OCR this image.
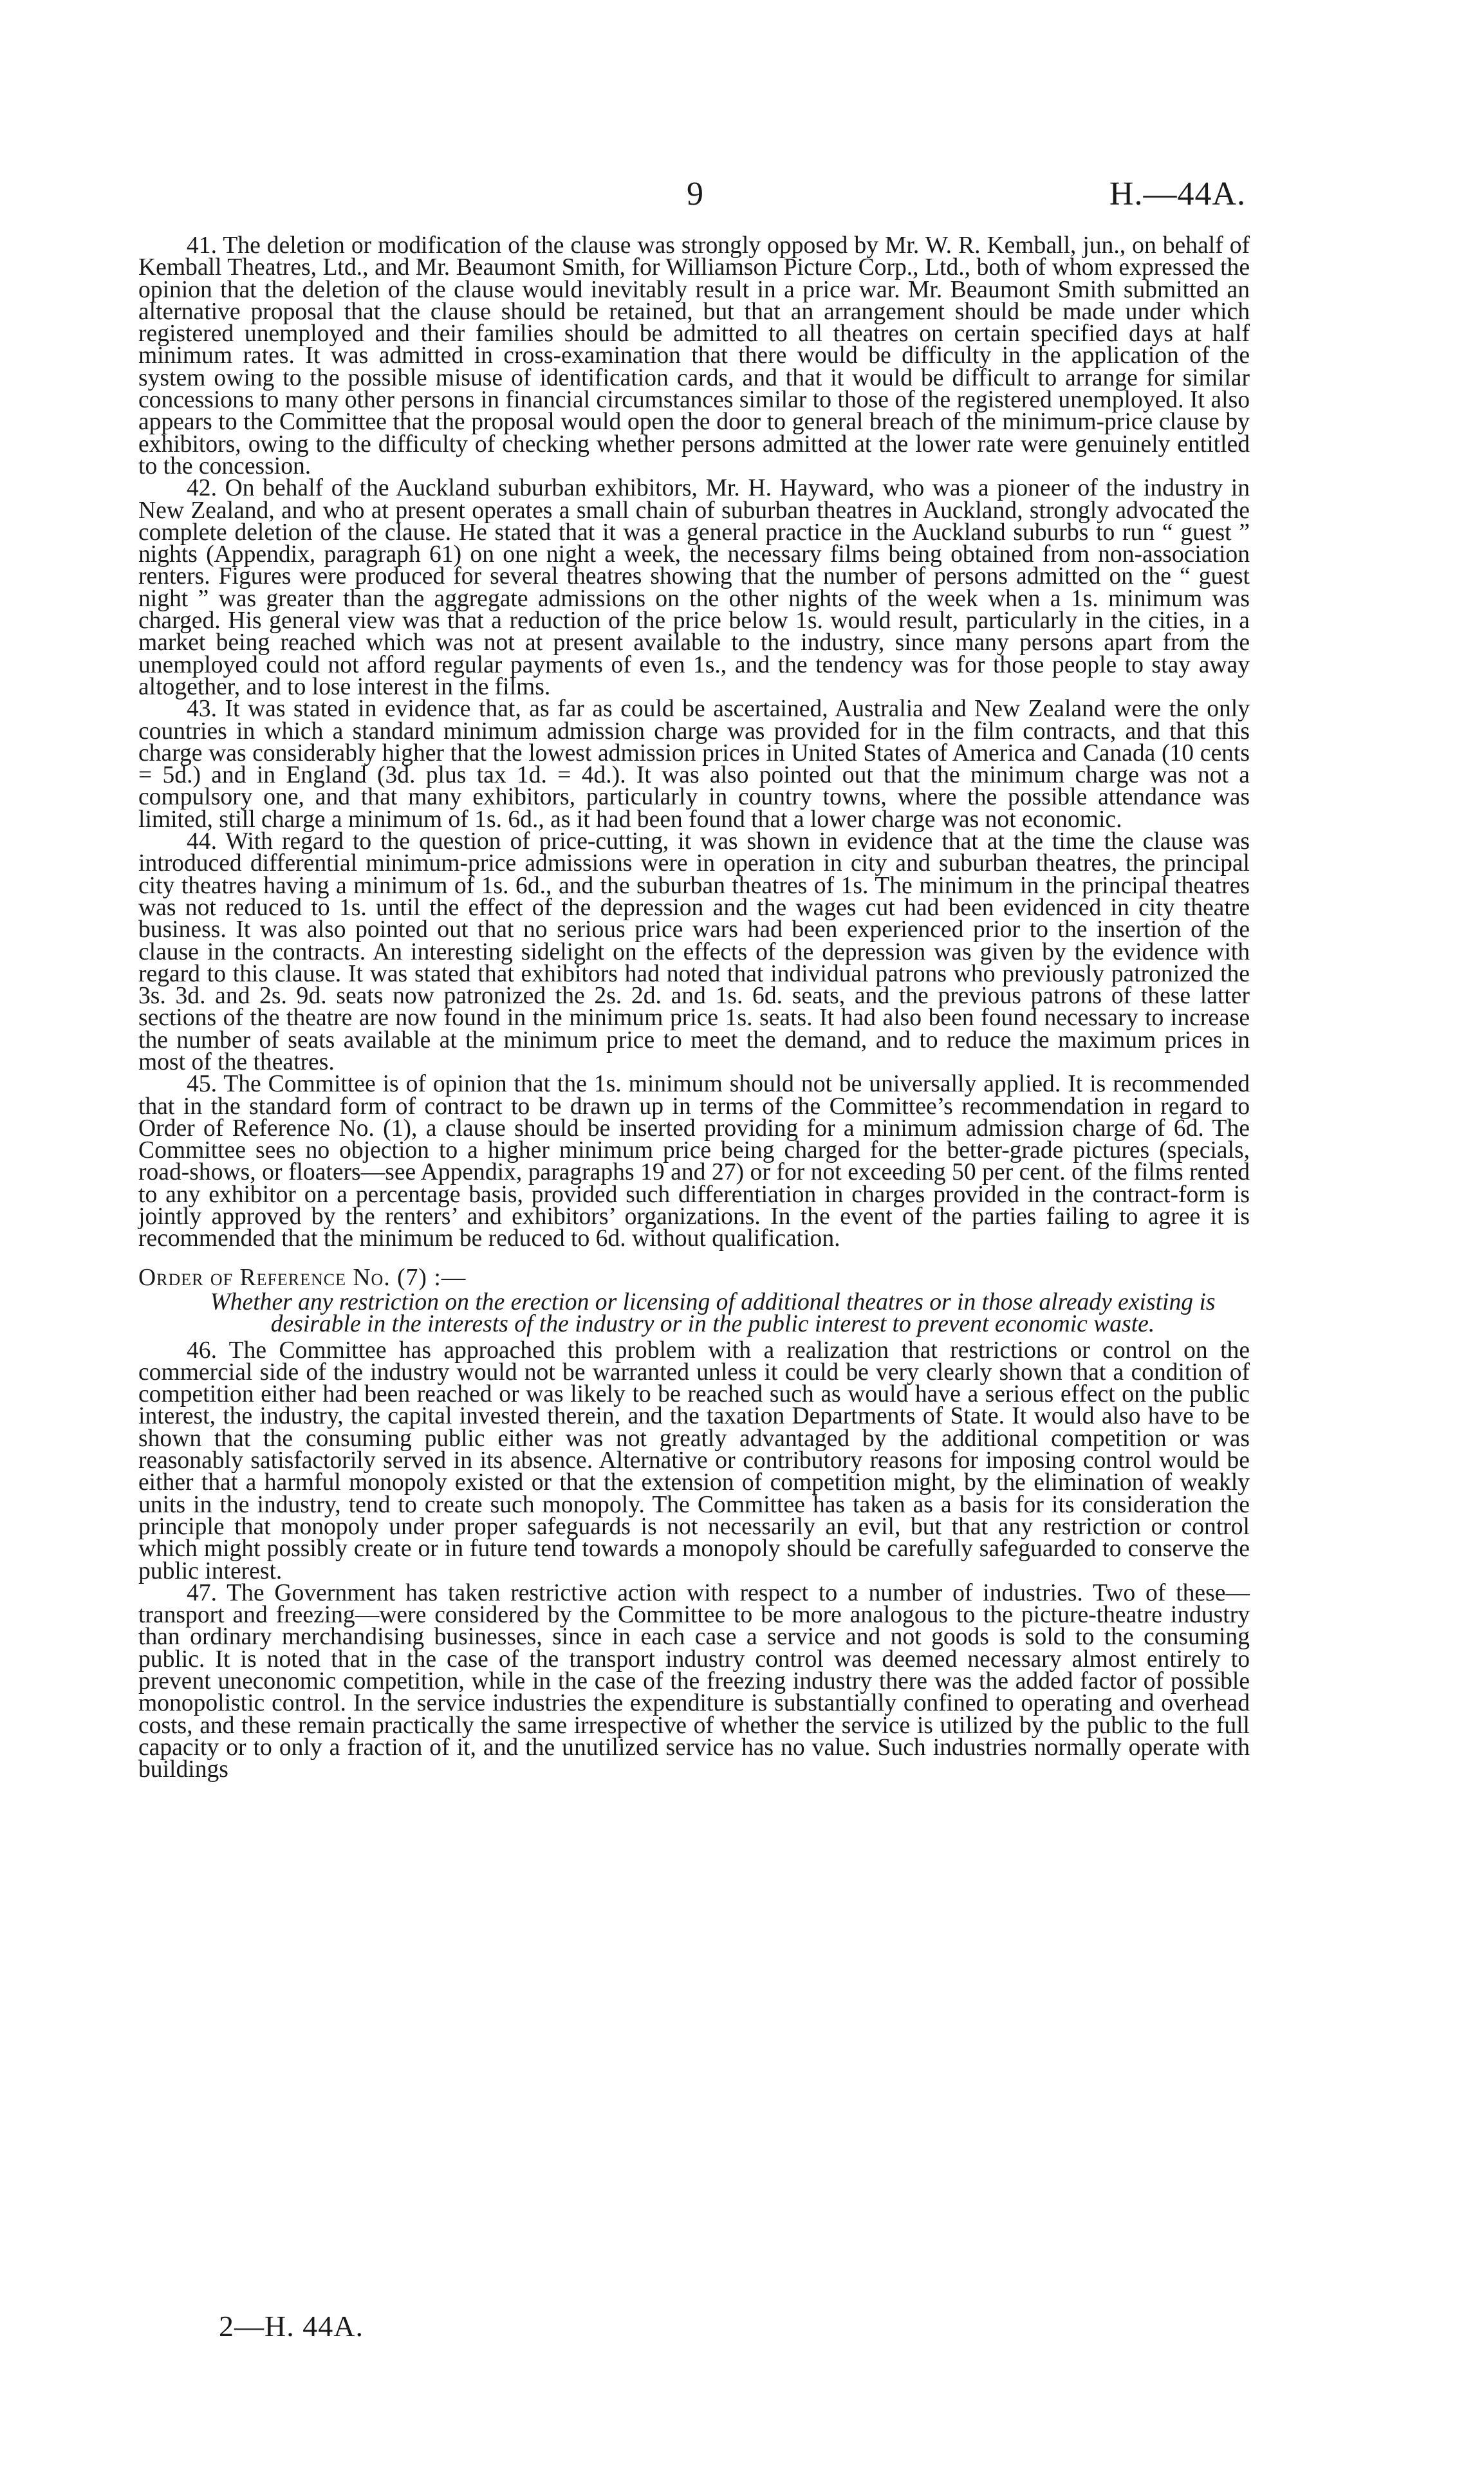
9	H.—44A.

41. The deletion or modification of the clause was strongly opposed by Mr. W. R. Kemball, jun., on behalf of Kemball Theatres, Ltd., and Mr. Beaumont Smith, for Williamson Picture Corp., Ltd., both of whom expressed the opinion that the deletion of the clause would inevitably result in a price war. Mr. Beaumont Smith submitted an alternative proposal that the clause should be retained, but that an arrangement should be made under which registered unemployed and their families should be admitted to all theatres on certain specified days at half minimum rates. It was admitted in cross-examination that there would be difficulty in the application of the system owing to the possible misuse of identification cards, and that it would be difficult to arrange for similar concessions to many other persons in financial circumstances similar to those of the registered unemployed. It also appears to the Committee that the proposal would open the door to general breach of the minimum-price clause by exhibitors, owing to the difficulty of checking whether persons admitted at the lower rate were genuinely entitled to the concession.

42. On behalf of the Auckland suburban exhibitors, Mr. H. Hayward, who was a pioneer of the industry in New Zealand, and who at present operates a small chain of suburban theatres in Auckland, strongly advocated the complete deletion of the clause. He stated that it was a general practice in the Auckland suburbs to run “ guest ” nights (Appendix, paragraph 61) on one night a week, the necessary films being obtained from non-association renters. Figures were produced for several theatres showing that the number of persons admitted on the “ guest night ” was greater than the aggregate admissions on the other nights of the week when a 1s. minimum was charged. His general view was that a reduction of the price below 1s. would result, particularly in the cities, in a market being reached which was not at present available to the industry, since many persons apart from the unemployed could not afford regular payments of even 1s., and the tendency was for those people to stay away altogether, and to lose interest in the films.

43. It was stated in evidence that, as far as could be ascertained, Australia and New Zealand were the only countries in which a standard minimum admission charge was provided for in the film contracts, and that this charge was considerably higher that the lowest admission prices in United States of America and Canada (10 cents = 5d.) and in England (3d. plus tax 1d. = 4d.). It was also pointed out that the minimum charge was not a compulsory one, and that many exhibitors, particularly in country towns, where the possible attendance was limited, still charge a minimum of 1s. 6d., as it had been found that a lower charge was not economic.

44. With regard to the question of price-cutting, it was shown in evidence that at the time the clause was introduced differential minimum-price admissions were in operation in city and suburban theatres, the principal city theatres having a minimum of 1s. 6d., and the suburban theatres of 1s. The minimum in the principal theatres was not reduced to 1s. until the effect of the depression and the wages cut had been evidenced in city theatre business. It was also pointed out that no serious price wars had been experienced prior to the insertion of the clause in the contracts. An interesting sidelight on the effects of the depression was given by the evidence with regard to this clause. It was stated that exhibitors had noted that individual patrons who previously patronized the 3s. 3d. and 2s. 9d. seats now patronized the 2s. 2d. and 1s. 6d. seats, and the previous patrons of these latter sections of the theatre are now found in the minimum price 1s. seats. It had also been found necessary to increase the number of seats available at the minimum price to meet the demand, and to reduce the maximum prices in most of the theatres.

45. The Committee is of opinion that the 1s. minimum should not be universally applied. It is recommended that in the standard form of contract to be drawn up in terms of the Committee’s recommendation in regard to Order of Reference No. (1), a clause should be inserted providing for a minimum admission charge of 6d. The Committee sees no objection to a higher minimum price being charged for the better-grade pictures (specials, road-shows, or floaters—see Appendix, paragraphs 19 and 27) or for not exceeding 50 per cent. of the films rented to any exhibitor on a percentage basis, provided such differentiation in charges provided in the contract-form is jointly approved by the renters’ and exhibitors’ organizations. In the event of the parties failing to agree it is recommended that the minimum be reduced to 6d. without qualification.

Order of Reference No. (7) :—

Whether any restriction on the erection or licensing of additional theatres or in those already existing is desirable in the interests of the industry or in the public interest to prevent economic waste.

46. The Committee has approached this problem with a realization that restrictions or control on the commercial side of the industry would not be warranted unless it could be very clearly shown that a condition of competition either had been reached or was likely to be reached such as would have a serious effect on the public interest, the industry, the capital invested therein, and the taxation Departments of State. It would also have to be shown that the consuming public either was not greatly advantaged by the additional competition or was reasonably satisfactorily served in its absence. Alternative or contributory reasons for imposing control would be either that a harmful monopoly existed or that the extension of competition might, by the elimination of weakly units in the industry, tend to create such monopoly. The Committee has taken as a basis for its consideration the principle that monopoly under proper safeguards is not necessarily an evil, but that any restriction or control which might possibly create or in future tend towards a monopoly should be carefully safeguarded to conserve the public interest.

47. The Government has taken restrictive action with respect to a number of industries. Two of these—transport and freezing—were considered by the Committee to be more analogous to the picture-theatre industry than ordinary merchandising businesses, since in each case a service and not goods is sold to the consuming public. It is noted that in the case of the transport industry control was deemed necessary almost entirely to prevent uneconomic competition, while in the case of the freezing industry there was the added factor of possible monopolistic control. In the service industries the expenditure is substantially confined to operating and overhead costs, and these remain practically the same irrespective of whether the service is utilized by the public to the full capacity or to only a fraction of it, and the unutilized service has no value. Such industries normally operate with buildings

2—H. 44A.
